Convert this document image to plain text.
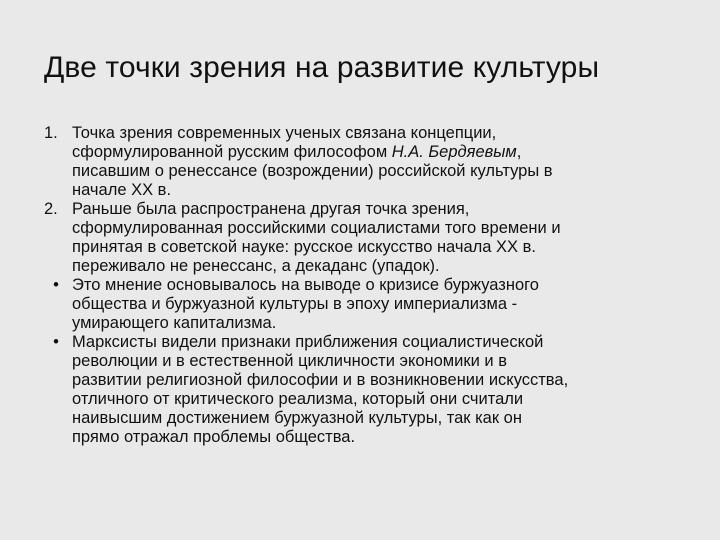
Две точки зрения на развитие культуры
1. Точка зрения современных ученых связана концепции,
сформулированной русским философом Н.А. Бердяевым,
писавшим о ренессансе (возрождении) российской культуры в
начале XX в.
2. Раньше была распространена другая точка зрения,
сформулированная российскими социалистами того времени и
принятая в советской науке: русское искусство начала XX в.
переживало не ренессанс, а декаданс (упадок).
• Это мнение основывалось на выводе о кризисе буржуазного
общества и буржуазной культуры в эпоху империализма -
умирающего капитализма.
• Марксисты видели признаки приближения социалистической
революции и в естественной цикличности экономики и в
развитии религиозной философии и в возникновении искусства,
отличного от критического реализма, который они считали
наивысшим достижением буржуазной культуры, так как он
прямо отражал проблемы общества.
